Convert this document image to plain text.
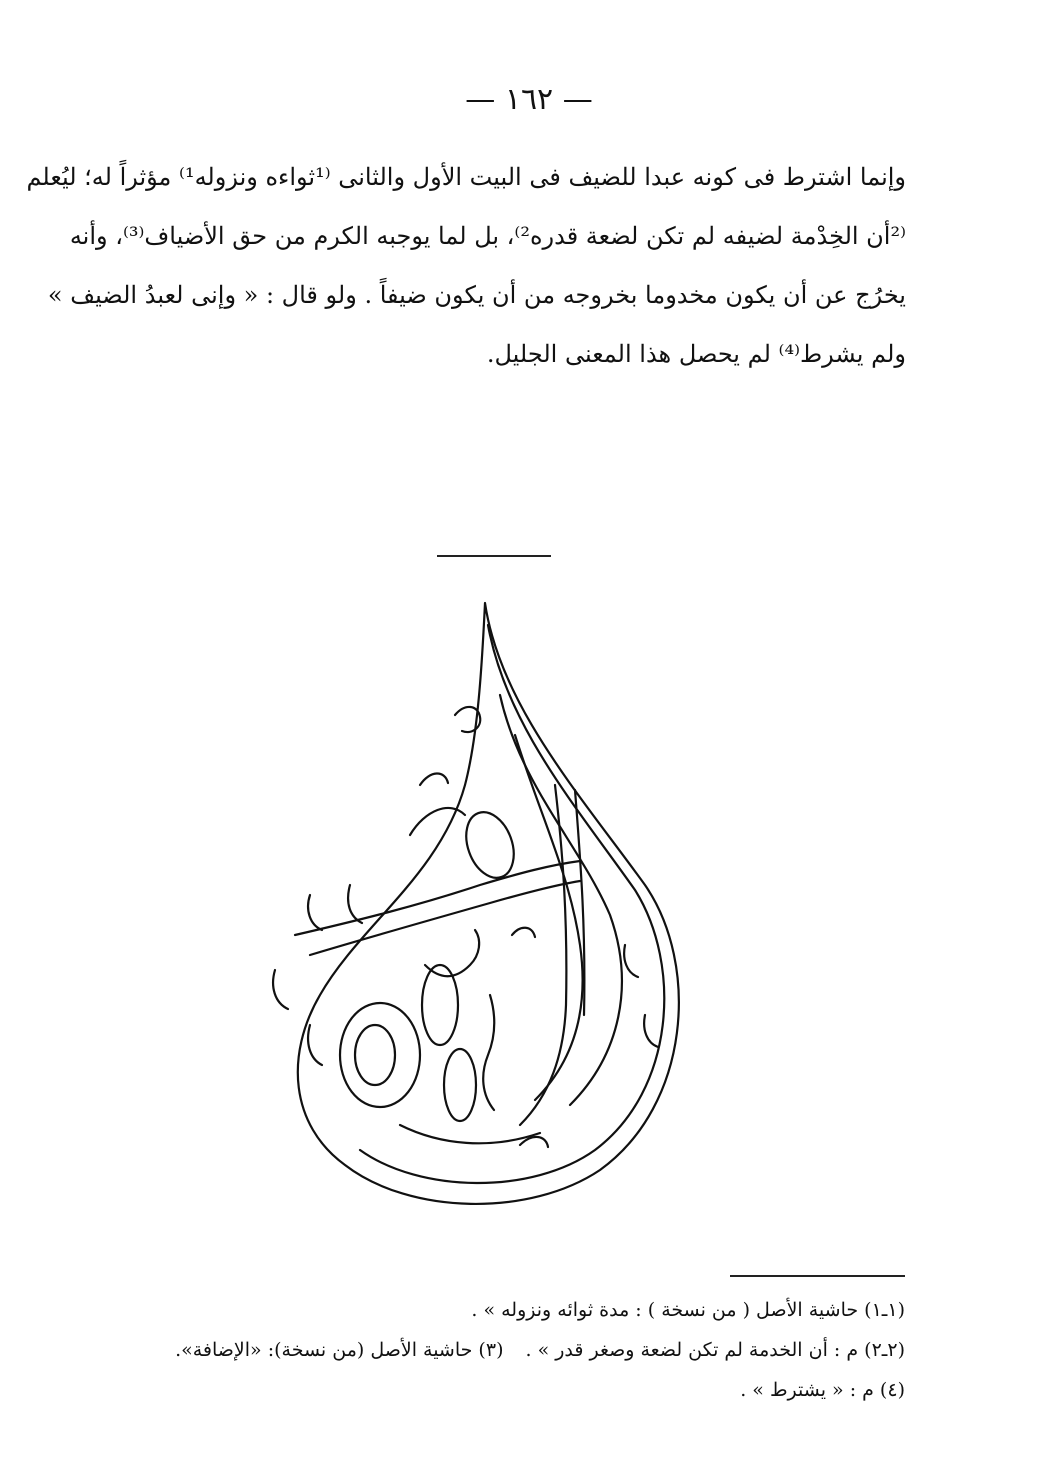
— ١٦٢ —
وإنما اشترط فى كونه عبدا للضيف فى البيت الأول والثانى ⁽¹ثواءه ونزوله¹⁾ مؤثراً له؛ ليُعلم
⁽²أن الخِدْمة لضيفه لم تكن لضعة قدره²⁾، بل لما يوجبه الكرم من حق الأضياف⁽³⁾، وأنه
يخرُج عن أن يكون مخدوما بخروجه من أن يكون ضيفاً . ولو قال : « وإنى لعبدُ الضيف »
ولم يشرط⁽⁴⁾ لم يحصل هذا المعنى الجليل.
(١ـ١) حاشية الأصل ( من نسخة ) : مدة ثوائه ونزوله » .
(٢ـ٢) م : أن الخدمة لم تكن لضعة وصغر قدر » .(٣) حاشية الأصل (من نسخة): «الإضافة».
(٤) م : « يشترط » .
